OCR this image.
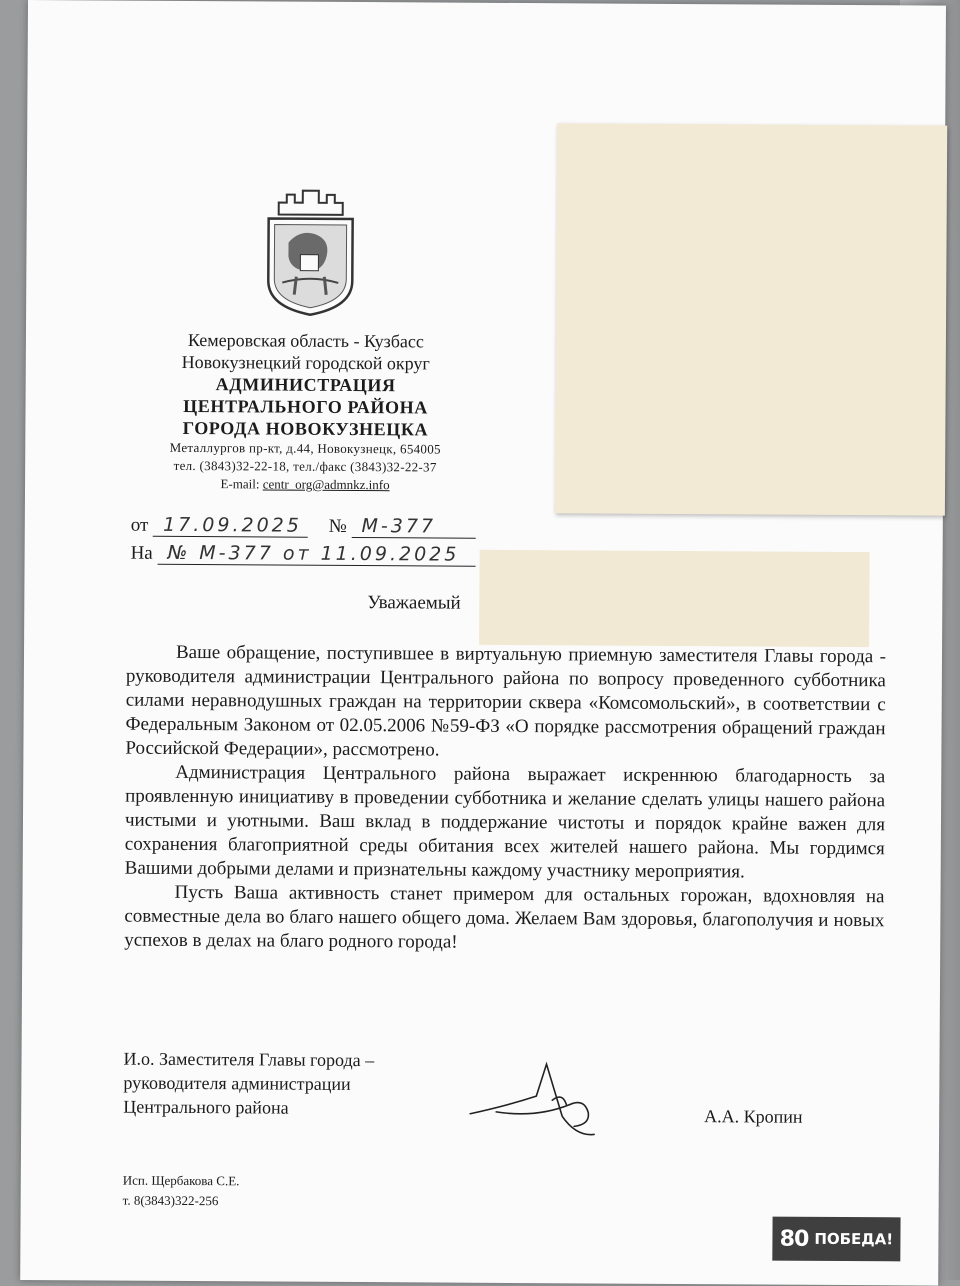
Кемеровская область - Кузбасс
Новокузнецкий городской округ
АДМИНИСТРАЦИЯ
ЦЕНТРАЛЬНОГО РАЙОНА
ГОРОДА НОВОКУЗНЕЦКА
Металлургов пр-кт, д.44, Новокузнецк, 654005
тел. (3843)32-22-18, тел./факс (3843)32-22-37
E-mail: centr_org@admnkz.info
от 17.09.2025 № М-377
На № М-377 от 11.09.2025
Уважаемый

Ваше обращение, поступившее в виртуальную приемную заместителя Главы города - руководителя администрации Центрального района по вопросу проведенного субботника силами неравнодушных граждан на территории сквера «Комсомольский», в соответствии с Федеральным Законом от 02.05.2006 №59-ФЗ «О порядке рассмотрения обращений граждан Российской Федерации», рассмотрено.

Администрация Центрального района выражает искреннюю благодарность за проявленную инициативу в проведении субботника и желание сделать улицы нашего района чистыми и уютными. Ваш вклад в поддержание чистоты и порядок крайне важен для сохранения благоприятной среды обитания всех жителей нашего района. Мы гордимся Вашими добрыми делами и признательны каждому участнику мероприятия.

Пусть Ваша активность станет примером для остальных горожан, вдохновляя на совместные дела во благо нашего общего дома. Желаем Вам здоровья, благополучия и новых успехов в делах на благо родного города!

И.о. Заместителя Главы города –
руководителя администрации
Центрального района	А.А. Кропин
Исп. Щербакова С.Е.
т. 8(3843)322-256
80 ПОБЕДА!
